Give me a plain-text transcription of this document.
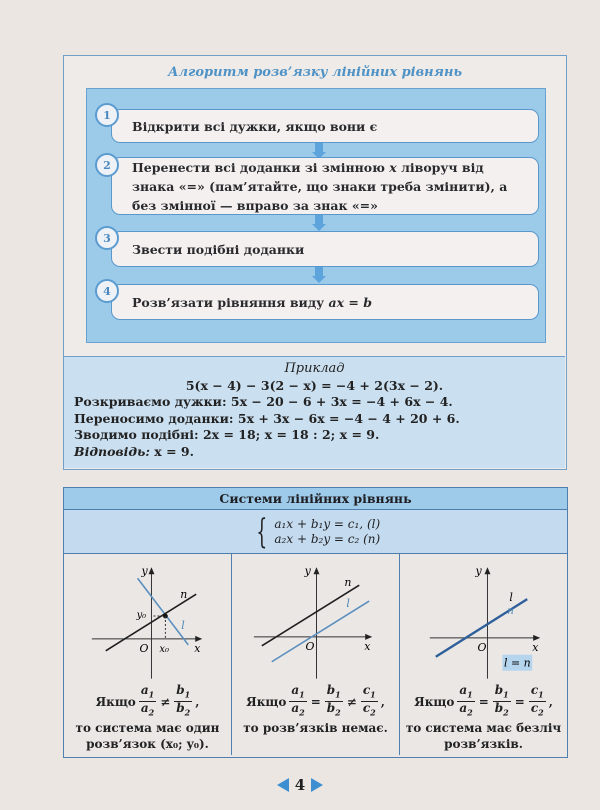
Алгоритм розв’язку лінійних рівнянь
1
Відкрити всі дужки, якщо вони є
2	Перенести всі доданки зі змінною x ліворуч від знака «=» (пам’ятайте, що знаки треба змінити), а без змінної — вправо за знак «=»
3
Звести подібні доданки
4
Розв’язати рівняння виду ax = b
Приклад
5(x − 4) − 3(2 − x) = −4 + 2(3x − 2).
Розкриваємо дужки: 5x − 20 − 6 + 3x = −4 + 6x − 4.
Переносимо доданки: 5x + 3x − 6x = −4 − 4 + 20 + 6.
Зводимо подібні: 2x = 18; x = 18 : 2; x = 9.
Відповідь: x = 9.
Системи лінійних рівнянь
{ a₁x + b₁y = c₁, (l)
a₂x + b₂y = c₂ (n)
y
x
O
n
l
x₀
y₀
Якщо $\frac{a_1}{a_2} \ne \frac{b_1}{b_2}$ ,
то система має один розв’язок (x₀; y₀).
y
x
O
n
l
Якщо $\frac{a_1}{a_2} = \frac{b_1}{b_2} \ne \frac{c_1}{c_2}$ ,
то розв’язків немає.
y
x
O
l
n
l = n
Якщо $\frac{a_1}{a_2} = \frac{b_1}{b_2} = \frac{c_1}{c_2}$ ,
то система має безліч розв’язків.
4
